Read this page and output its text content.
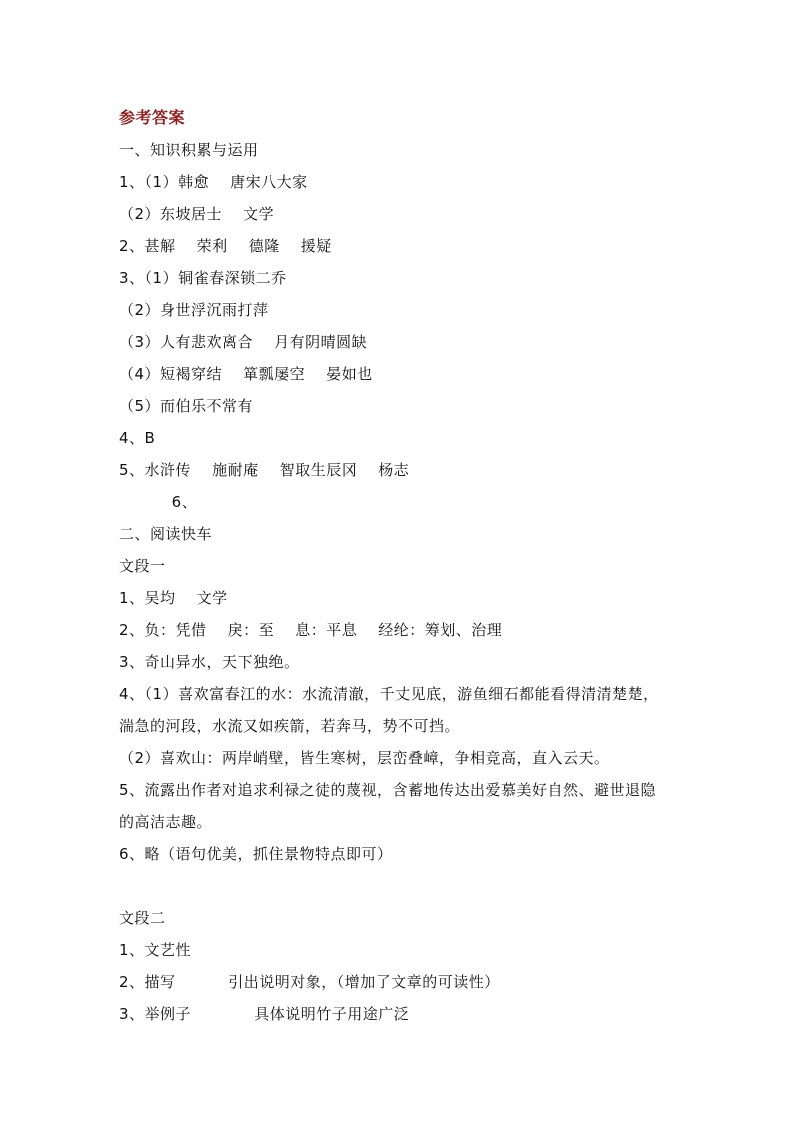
参考答案
一、知识积累与运用
1、（1）韩愈    唐宋八大家
（2）东坡居士    文学
2、甚解    荣利    德隆    援疑
3、（1）铜雀春深锁二乔
（2）身世浮沉雨打萍
（3）人有悲欢离合    月有阴晴圆缺
（4）短褐穿结    箪瓢屡空    晏如也
（5）而伯乐不常有
4、B
5、水浒传    施耐庵    智取生辰冈    杨志
6、
二、阅读快车
文段一
1、吴均    文学
2、负：凭借    戾：至    息：平息    经纶：筹划、治理
3、奇山异水，天下独绝。
4、（1）喜欢富春江的水：水流清澈，千丈见底，游鱼细石都能看得清清楚楚，
湍急的河段，水流又如疾箭，若奔马，势不可挡。
（2）喜欢山：两岸峭壁，皆生寒树，层峦叠嶂，争相竞高，直入云天。
5、流露出作者对追求利禄之徒的蔑视，含蓄地传达出爱慕美好自然、避世退隐
的高洁志趣。
6、略（语句优美，抓住景物特点即可）
文段二
1、文艺性
2、描写          引出说明对象，（增加了文章的可读性）
3、举例子            具体说明竹子用途广泛
